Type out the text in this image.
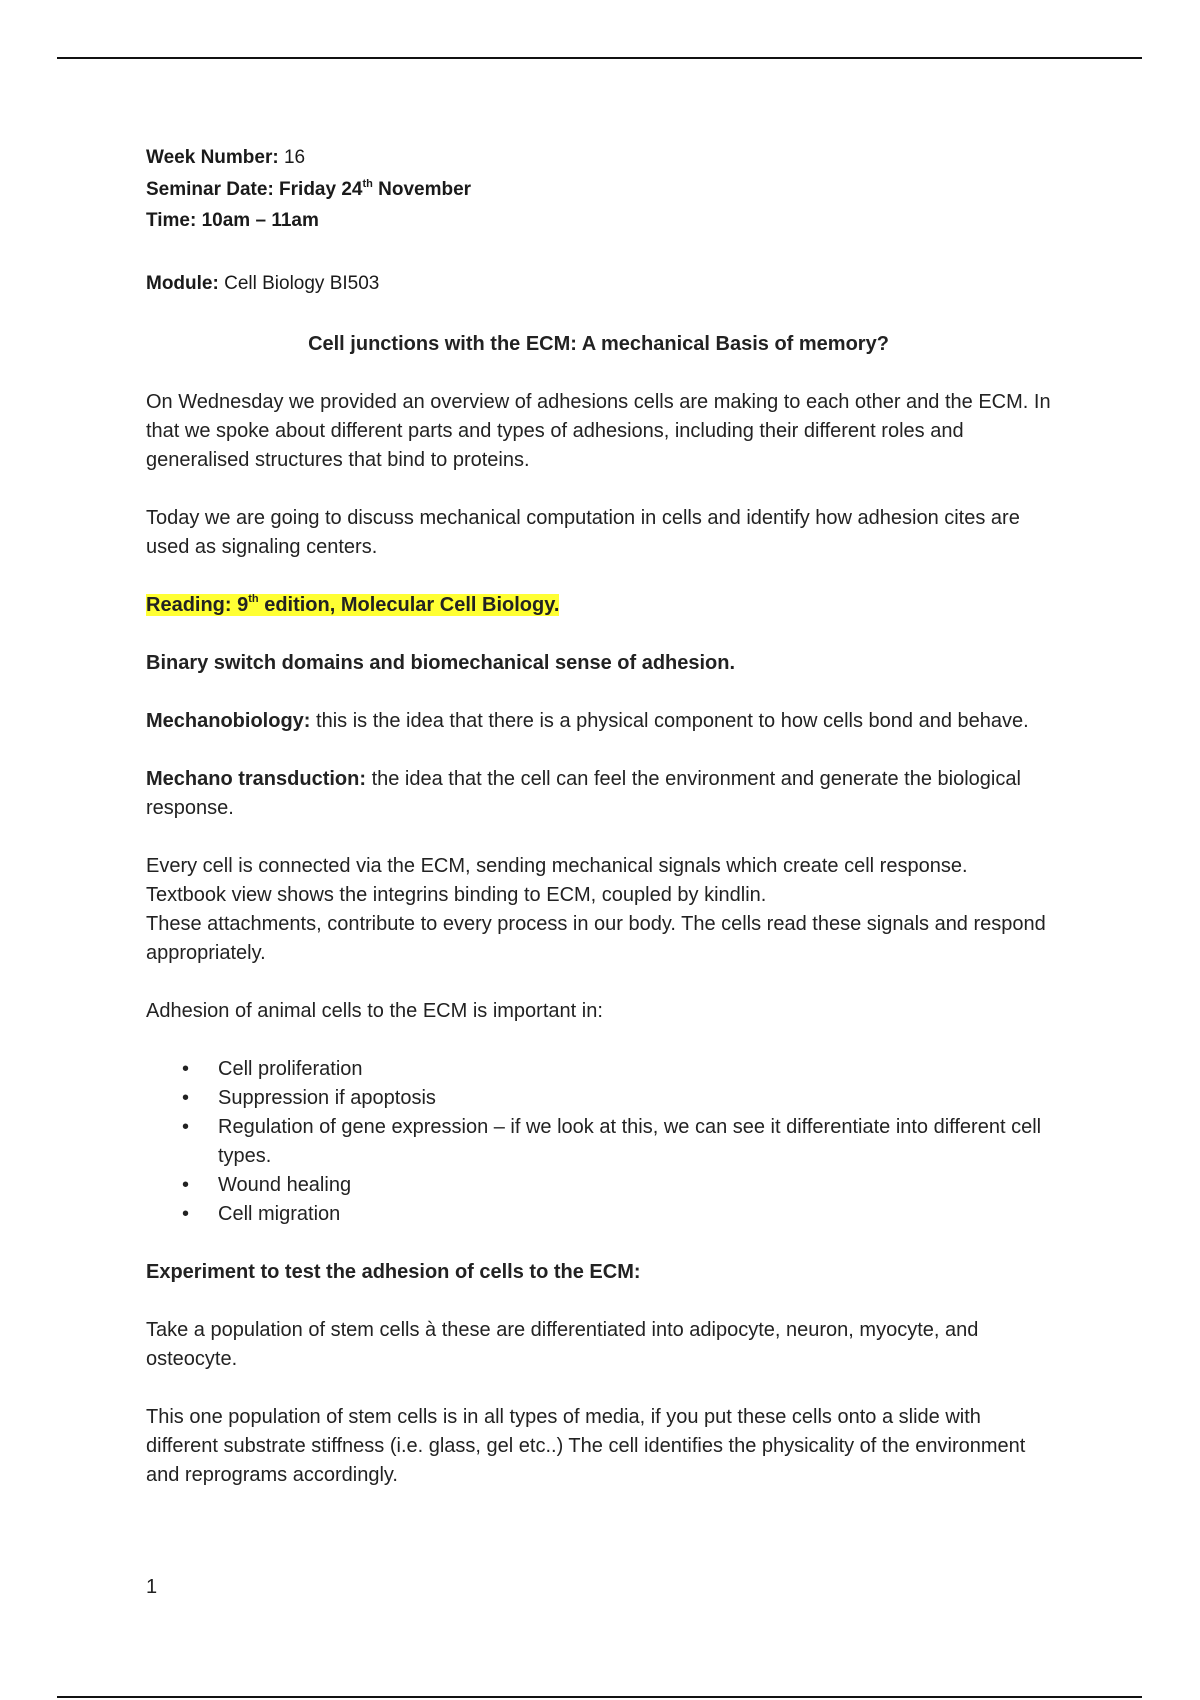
Week Number: 16
Seminar Date: Friday 24th November
Time: 10am – 11am
Module: Cell Biology BI503
Cell junctions with the ECM: A mechanical Basis of memory?

On Wednesday we provided an overview of adhesions cells are making to each other and the ECM. In that we spoke about different parts and types of adhesions, including their different roles and generalised structures that bind to proteins.

Today we are going to discuss mechanical computation in cells and identify how adhesion cites are used as signaling centers.

Reading: 9th edition, Molecular Cell Biology.

Binary switch domains and biomechanical sense of adhesion.

Mechanobiology: this is the idea that there is a physical component to how cells bond and behave.

Mechano transduction: the idea that the cell can feel the environment and generate the biological response.

Every cell is connected via the ECM, sending mechanical signals which create cell response. Textbook view shows the integrins binding to ECM, coupled by kindlin.
These attachments, contribute to every process in our body. The cells read these signals and respond appropriately.

Adhesion of animal cells to the ECM is important in:

• Cell proliferation
• Suppression if apoptosis
• Regulation of gene expression – if we look at this, we can see it differentiate into different cell types.
• Wound healing
• Cell migration

Experiment to test the adhesion of cells to the ECM:

Take a population of stem cells à these are differentiated into adipocyte, neuron, myocyte, and osteocyte.

This one population of stem cells is in all types of media, if you put these cells onto a slide with different substrate stiffness (i.e. glass, gel etc..) The cell identifies the physicality of the environment and reprograms accordingly.

1
